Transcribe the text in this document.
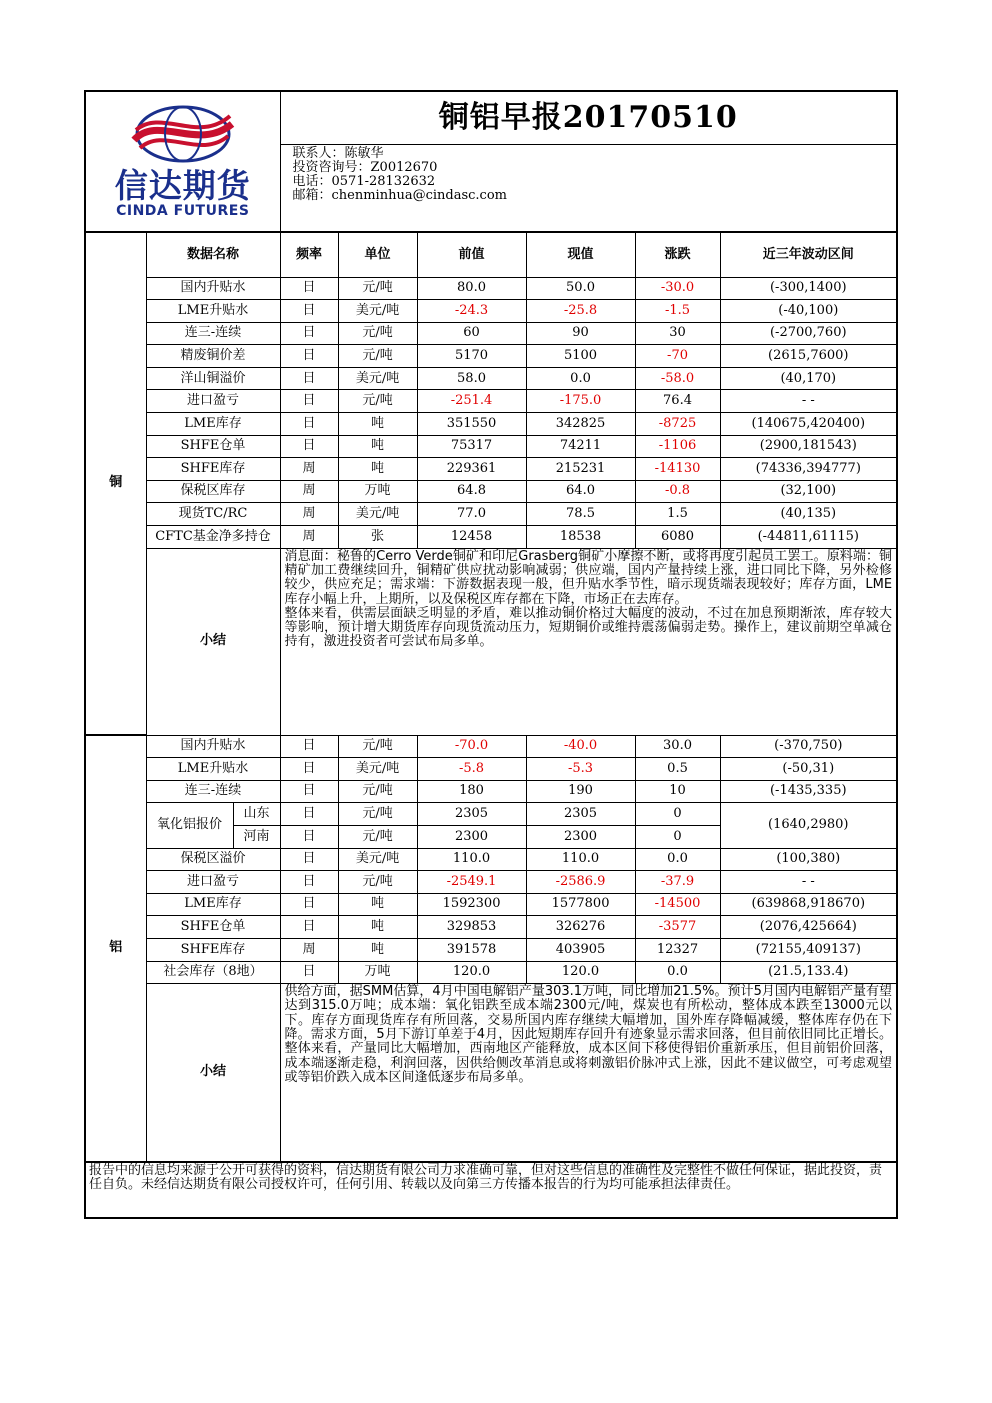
信达期货
CINDA FUTURES			铜铝早报20170510					

			联系人：陈敏华
投资咨询号：Z0012670
电话：0571-28132632
邮箱：chenminhua@cindasc.com					

铜	数据名称		频率	单位	前值	现值	涨跌	近三年波动区间
	国内升贴水		日	元/吨	80.0	50.0	-30.0	(-300,1400)
	LME升贴水		日	美元/吨	-24.3	-25.8	-1.5	(-40,100)
	连三-连续		日	元/吨	60	90	30	(-2700,760)
	精废铜价差		日	元/吨	5170	5100	-70	(2615,7600)
	洋山铜溢价		日	美元/吨	58.0	0.0	-58.0	(40,170)
	进口盈亏		日	元/吨	-251.4	-175.0	76.4	- -
	LME库存		日	吨	351550	342825	-8725	(140675,420400)
	SHFE仓单		日	吨	75317	74211	-1106	(2900,181543)
	SHFE库存		周	吨	229361	215231	-14130	(74336,394777)
	保税区库存		周	万吨	64.8	64.0	-0.8	(32,100)
	现货TC/RC		周	美元/吨	77.0	78.5	1.5	(40,135)
	CFTC基金净多持仓		周	张	12458	18538	6080	(-44811,61115)
	小结		消息面：秘鲁的Cerro Verde铜矿和印尼Grasberg铜矿小摩擦不断，或将再度引起员工罢工。原料端：铜精矿加工费继续回升，铜精矿供应扰动影响减弱；供应端，国内产量持续上涨，进口同比下降，另外检修较少，供应充足；需求端：下游数据表现一般，但升贴水季节性，暗示现货端表现较好；库存方面，LME库存小幅上升，上期所，以及保税区库存都在下降，市场正在去库存。

整体来看，供需层面缺乏明显的矛盾，难以推动铜价格过大幅度的波动，不过在加息预期渐浓，库存较大等影响，预计增大期货库存向现货流动压力，短期铜价或维持震荡偏弱走势。操作上，建议前期空单减仓持有，激进投资者可尝试布局多单。					

铝	国内升贴水		日	元/吨	-70.0	-40.0	30.0	(-370,750)
	LME升贴水		日	美元/吨	-5.8	-5.3	0.5	(-50,31)
	连三-连续		日	元/吨	180	190	10	(-1435,335)
	氧化铝报价	山东	日	元/吨	2305	2305	0	(1640,2980)
		河南	日	元/吨	2300	2300	0	
	保税区溢价		日	美元/吨	110.0	110.0	0.0	(100,380)
	进口盈亏		日	元/吨	-2549.1	-2586.9	-37.9	- -
	LME库存		日	吨	1592300	1577800	-14500	(639868,918670)
	SHFE仓单		日	吨	329853	326276	-3577	(2076,425664)
	SHFE库存		周	吨	391578	403905	12327	(72155,409137)
	社会库存（8地）		日	万吨	120.0	120.0	0.0	(21.5,133.4)
	小结		供给方面，据SMM估算，4月中国电解铝产量303.1万吨，同比增加21.5%。预计5月国内电解铝产量有望达到315.0万吨；成本端：氧化铝跌至成本端2300元/吨，煤炭也有所松动，整体成本跌至13000元以下。库存方面现货库存有所回落，交易所国内库存继续大幅增加，国外库存降幅减缓，整体库存仍在下降。需求方面，5月下游订单差于4月，因此短期库存回升有迹象显示需求回落，但目前依旧同比正增长。整体来看，产量同比大幅增加，西南地区产能释放，成本区间下移使得铝价重新承压，但目前铝价回落，成本端逐渐走稳，利润回落，因供给侧改革消息或将刺激铝价脉冲式上涨，因此不建议做空，可考虑观望或等铝价跌入成本区间逢低逐步布局多单。					

报告中的信息均来源于公开可获得的资料，信达期货有限公司力求准确可靠，但对这些信息的准确性及完整性不做任何保证，据此投资，责任自负。未经信达期货有限公司授权许可，任何引用、转载以及向第三方传播本报告的行为均可能承担法律责任。								
